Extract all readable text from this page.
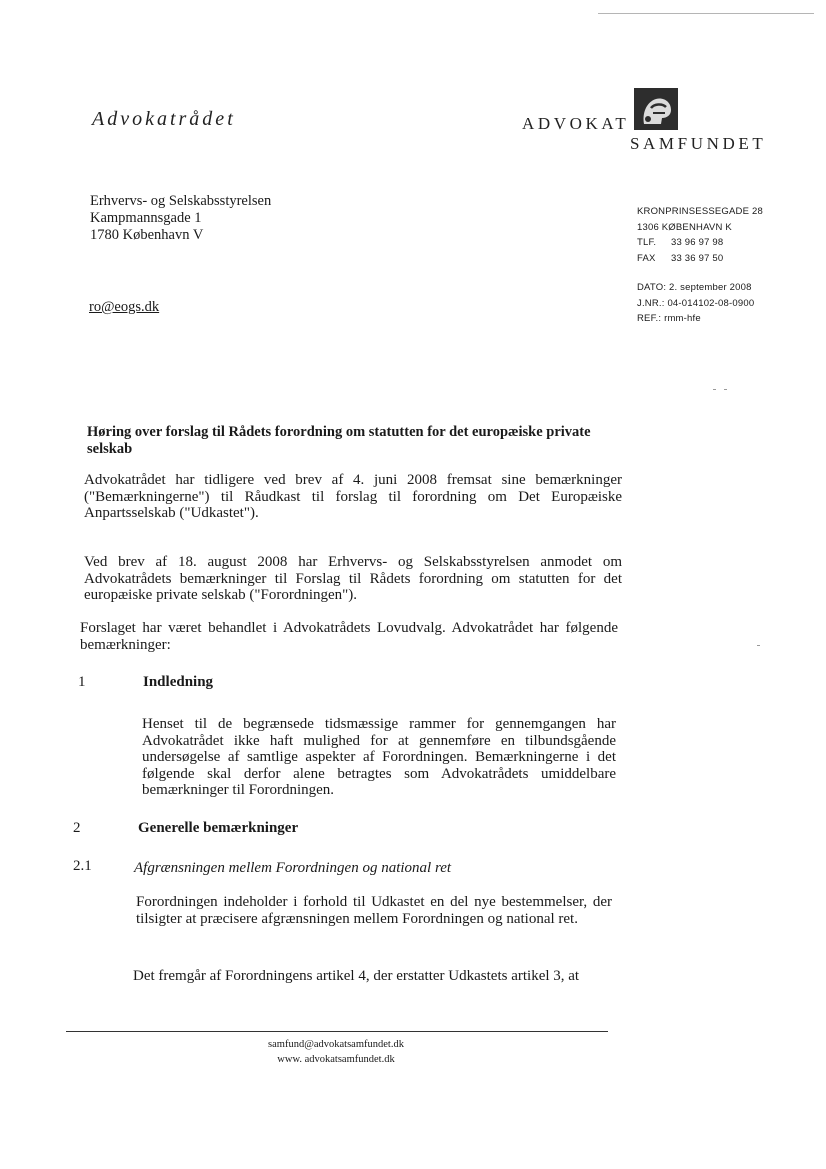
Advokatrådet	ADVOKAT
SAMFUNDET
Erhvervs- og Selskabsstyrelsen
Kampmannsgade 1
1780 København V
ro@eogs.dk
KRONPRINSESSEGADE 28
1306 KØBENHAVN K
TLF. 33 96 97 98
FAX 33 36 97 50
DATO: 2. september 2008
J.NR.: 04-014102-08-0900
REF.: rmm-hfe
Høring over forslag til Rådets forordning om statutten for det europæiske private selskab
Advokatrådet har tidligere ved brev af 4. juni 2008 fremsat sine bemærkninger ("Bemærkningerne") til Råudkast til forslag til forordning om Det Europæiske Anpartsselskab ("Udkastet").
Ved brev af 18. august 2008 har Erhvervs- og Selskabsstyrelsen anmodet om Advokatrådets bemærkninger til Forslag til Rådets forordning om statutten for det europæiske private selskab ("Forordningen").
Forslaget har været behandlet i Advokatrådets Lovudvalg. Advokatrådet har følgende bemærkninger:
1	Indledning
Henset til de begrænsede tidsmæssige rammer for gennemgangen har Advokatrådet ikke haft mulighed for at gennemføre en tilbundsgående undersøgelse af samtlige aspekter af Forordningen. Bemærkningerne i det følgende skal derfor alene betragtes som Advokatrådets umiddelbare bemærkninger til Forordningen.
2	Generelle bemærkninger
2.1	Afgrænsningen mellem Forordningen og national ret
Forordningen indeholder i forhold til Udkastet en del nye bestemmelser, der tilsigter at præcisere afgrænsningen mellem Forordningen og national ret.
Det fremgår af Forordningens artikel 4, der erstatter Udkastets artikel 3, at
samfund@advokatsamfundet.dk
www. advokatsamfundet.dk
